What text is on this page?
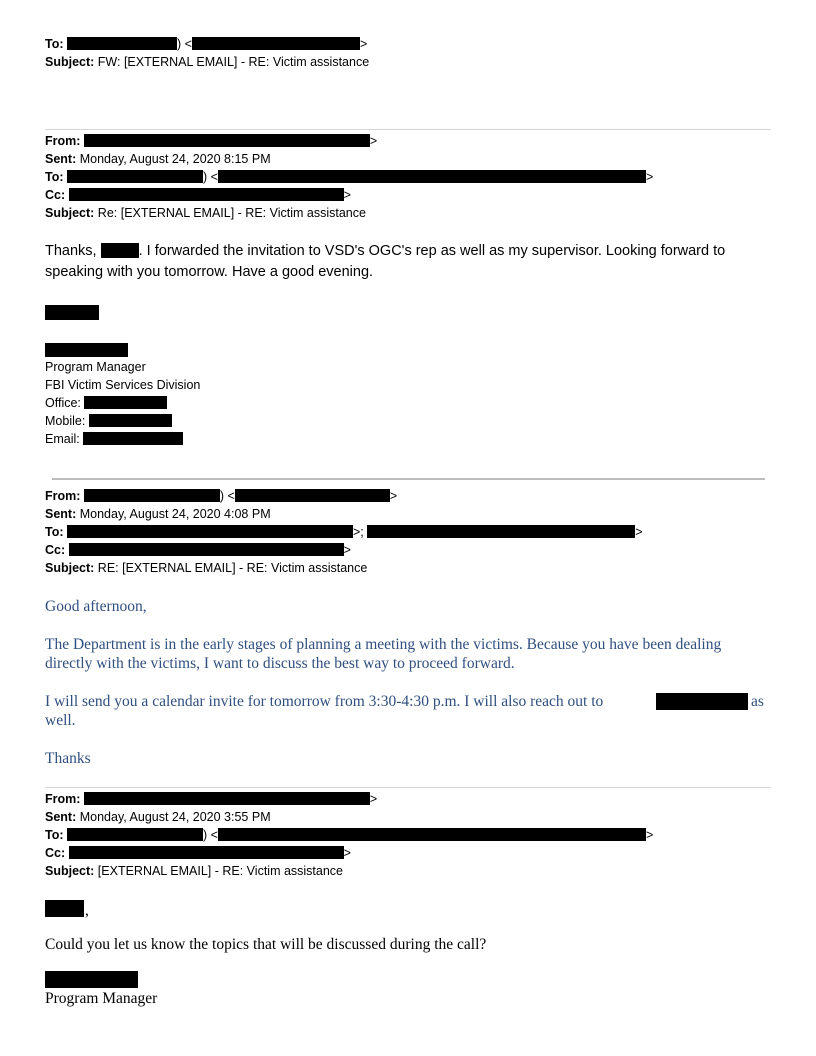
To:	) <	>
Subject: FW: [EXTERNAL EMAIL] - RE: Victim assistance
From:	>
Sent: Monday, August 24, 2020 8:15 PM
To:	) <	>
Cc:	>
Subject: Re: [EXTERNAL EMAIL] - RE: Victim assistance
Thanks,	. I forwarded the invitation to VSD's OGC's rep as well as my supervisor. Looking forward to
speaking with you tomorrow. Have a good evening.
Program Manager
FBI Victim Services Division
Office:
Mobile:
Email:
From:	) <	>
Sent: Monday, August 24, 2020 4:08 PM
To:	>;	>
Cc:	>
Subject: RE: [EXTERNAL EMAIL] - RE: Victim assistance
Good afternoon,
The Department is in the early stages of planning a meeting with the victims. Because you have been dealing directly with the victims, I want to discuss the best way to proceed forward.
I will send you a calendar invite for tomorrow from 3:30-4:30 p.m. I will also reach out to	as
well.
Thanks
From:	>
Sent: Monday, August 24, 2020 3:55 PM
To:	) <	>
Cc:	>
Subject: [EXTERNAL EMAIL] - RE: Victim assistance
,
Could you let us know the topics that will be discussed during the call?
Program Manager
